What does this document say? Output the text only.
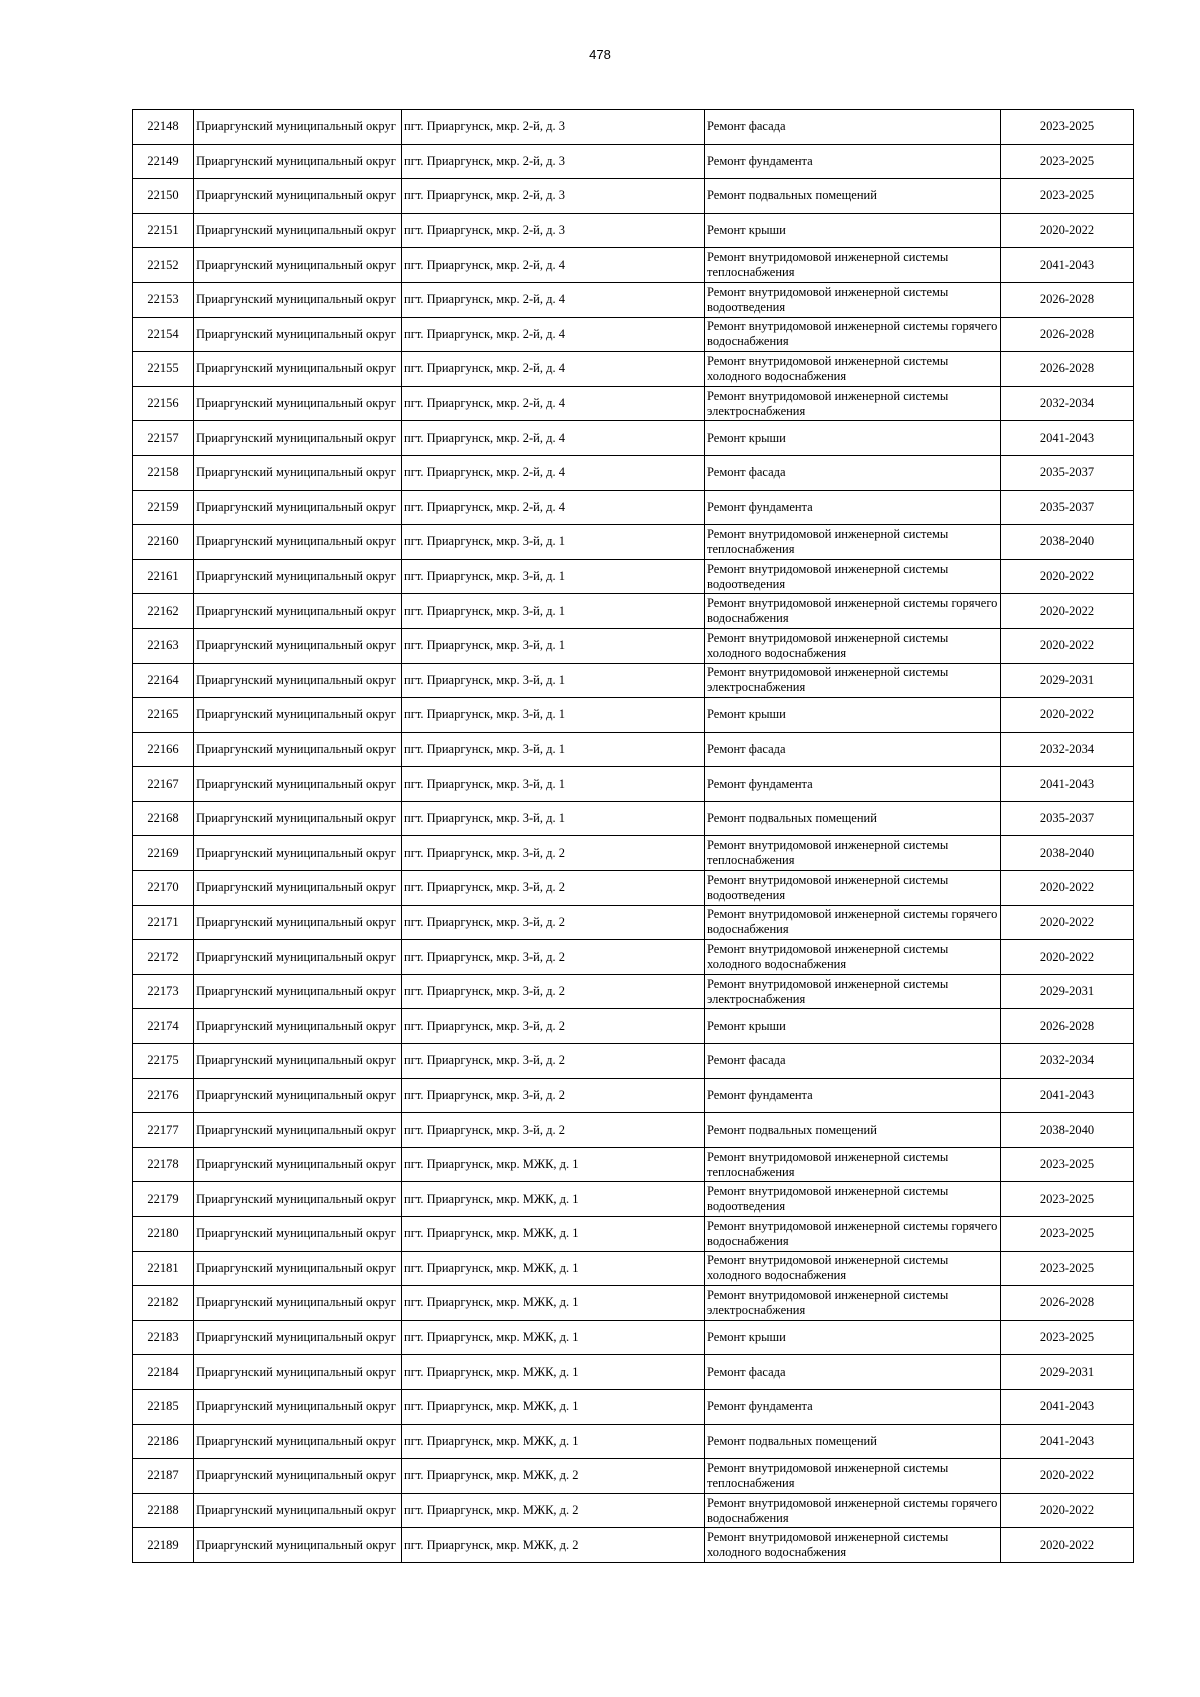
478
22148	Приаргунский муниципальный округ	пгт. Приаргунск, мкр. 2-й, д. 3	Ремонт фасада	2023-2025
22149	Приаргунский муниципальный округ	пгт. Приаргунск, мкр. 2-й, д. 3	Ремонт фундамента	2023-2025
22150	Приаргунский муниципальный округ	пгт. Приаргунск, мкр. 2-й, д. 3	Ремонт подвальных помещений	2023-2025
22151	Приаргунский муниципальный округ	пгт. Приаргунск, мкр. 2-й, д. 3	Ремонт крыши	2020-2022
22152	Приаргунский муниципальный округ	пгт. Приаргунск, мкр. 2-й, д. 4	Ремонт внутридомовой инженерной системы теплоснабжения	2041-2043
22153	Приаргунский муниципальный округ	пгт. Приаргунск, мкр. 2-й, д. 4	Ремонт внутридомовой инженерной системы водоотведения	2026-2028
22154	Приаргунский муниципальный округ	пгт. Приаргунск, мкр. 2-й, д. 4	Ремонт внутридомовой инженерной системы горячего водоснабжения	2026-2028
22155	Приаргунский муниципальный округ	пгт. Приаргунск, мкр. 2-й, д. 4	Ремонт внутридомовой инженерной системы холодного водоснабжения	2026-2028
22156	Приаргунский муниципальный округ	пгт. Приаргунск, мкр. 2-й, д. 4	Ремонт внутридомовой инженерной системы электроснабжения	2032-2034
22157	Приаргунский муниципальный округ	пгт. Приаргунск, мкр. 2-й, д. 4	Ремонт крыши	2041-2043
22158	Приаргунский муниципальный округ	пгт. Приаргунск, мкр. 2-й, д. 4	Ремонт фасада	2035-2037
22159	Приаргунский муниципальный округ	пгт. Приаргунск, мкр. 2-й, д. 4	Ремонт фундамента	2035-2037
22160	Приаргунский муниципальный округ	пгт. Приаргунск, мкр. 3-й, д. 1	Ремонт внутридомовой инженерной системы теплоснабжения	2038-2040
22161	Приаргунский муниципальный округ	пгт. Приаргунск, мкр. 3-й, д. 1	Ремонт внутридомовой инженерной системы водоотведения	2020-2022
22162	Приаргунский муниципальный округ	пгт. Приаргунск, мкр. 3-й, д. 1	Ремонт внутридомовой инженерной системы горячего водоснабжения	2020-2022
22163	Приаргунский муниципальный округ	пгт. Приаргунск, мкр. 3-й, д. 1	Ремонт внутридомовой инженерной системы холодного водоснабжения	2020-2022
22164	Приаргунский муниципальный округ	пгт. Приаргунск, мкр. 3-й, д. 1	Ремонт внутридомовой инженерной системы электроснабжения	2029-2031
22165	Приаргунский муниципальный округ	пгт. Приаргунск, мкр. 3-й, д. 1	Ремонт крыши	2020-2022
22166	Приаргунский муниципальный округ	пгт. Приаргунск, мкр. 3-й, д. 1	Ремонт фасада	2032-2034
22167	Приаргунский муниципальный округ	пгт. Приаргунск, мкр. 3-й, д. 1	Ремонт фундамента	2041-2043
22168	Приаргунский муниципальный округ	пгт. Приаргунск, мкр. 3-й, д. 1	Ремонт подвальных помещений	2035-2037
22169	Приаргунский муниципальный округ	пгт. Приаргунск, мкр. 3-й, д. 2	Ремонт внутридомовой инженерной системы теплоснабжения	2038-2040
22170	Приаргунский муниципальный округ	пгт. Приаргунск, мкр. 3-й, д. 2	Ремонт внутридомовой инженерной системы водоотведения	2020-2022
22171	Приаргунский муниципальный округ	пгт. Приаргунск, мкр. 3-й, д. 2	Ремонт внутридомовой инженерной системы горячего водоснабжения	2020-2022
22172	Приаргунский муниципальный округ	пгт. Приаргунск, мкр. 3-й, д. 2	Ремонт внутридомовой инженерной системы холодного водоснабжения	2020-2022
22173	Приаргунский муниципальный округ	пгт. Приаргунск, мкр. 3-й, д. 2	Ремонт внутридомовой инженерной системы электроснабжения	2029-2031
22174	Приаргунский муниципальный округ	пгт. Приаргунск, мкр. 3-й, д. 2	Ремонт крыши	2026-2028
22175	Приаргунский муниципальный округ	пгт. Приаргунск, мкр. 3-й, д. 2	Ремонт фасада	2032-2034
22176	Приаргунский муниципальный округ	пгт. Приаргунск, мкр. 3-й, д. 2	Ремонт фундамента	2041-2043
22177	Приаргунский муниципальный округ	пгт. Приаргунск, мкр. 3-й, д. 2	Ремонт подвальных помещений	2038-2040
22178	Приаргунский муниципальный округ	пгт. Приаргунск, мкр. МЖК, д. 1	Ремонт внутридомовой инженерной системы теплоснабжения	2023-2025
22179	Приаргунский муниципальный округ	пгт. Приаргунск, мкр. МЖК, д. 1	Ремонт внутридомовой инженерной системы водоотведения	2023-2025
22180	Приаргунский муниципальный округ	пгт. Приаргунск, мкр. МЖК, д. 1	Ремонт внутридомовой инженерной системы горячего водоснабжения	2023-2025
22181	Приаргунский муниципальный округ	пгт. Приаргунск, мкр. МЖК, д. 1	Ремонт внутридомовой инженерной системы холодного водоснабжения	2023-2025
22182	Приаргунский муниципальный округ	пгт. Приаргунск, мкр. МЖК, д. 1	Ремонт внутридомовой инженерной системы электроснабжения	2026-2028
22183	Приаргунский муниципальный округ	пгт. Приаргунск, мкр. МЖК, д. 1	Ремонт крыши	2023-2025
22184	Приаргунский муниципальный округ	пгт. Приаргунск, мкр. МЖК, д. 1	Ремонт фасада	2029-2031
22185	Приаргунский муниципальный округ	пгт. Приаргунск, мкр. МЖК, д. 1	Ремонт фундамента	2041-2043
22186	Приаргунский муниципальный округ	пгт. Приаргунск, мкр. МЖК, д. 1	Ремонт подвальных помещений	2041-2043
22187	Приаргунский муниципальный округ	пгт. Приаргунск, мкр. МЖК, д. 2	Ремонт внутридомовой инженерной системы теплоснабжения	2020-2022
22188	Приаргунский муниципальный округ	пгт. Приаргунск, мкр. МЖК, д. 2	Ремонт внутридомовой инженерной системы горячего водоснабжения	2020-2022
22189	Приаргунский муниципальный округ	пгт. Приаргунск, мкр. МЖК, д. 2	Ремонт внутридомовой инженерной системы холодного водоснабжения	2020-2022
